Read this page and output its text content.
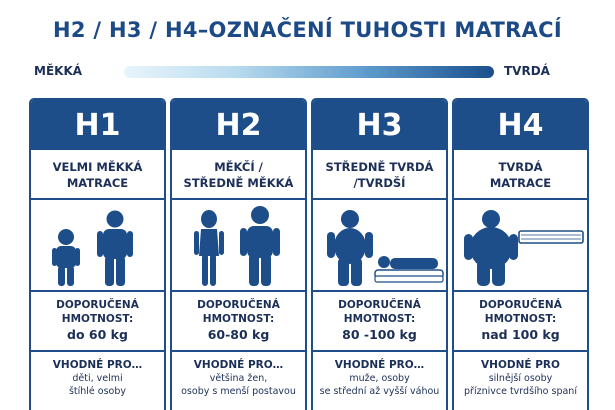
H2 / H3 / H4–OZNAČENÍ TUHOSTI MATRACÍ
MĚKKÁ	TVRDÁ
H1
VELMI MĚKKÁ
MATRACE
DOPORUČENÁ
HMOTNOST:
do 60 kg
VHODNÉ PRO…
děti, velmi
štíhlé osoby
H2
MĚKČÍ /
STŘEDNĚ MĚKKÁ
DOPORUČENÁ
HMOTNOST:
60-80 kg
VHODNÉ PRO…
většina žen,
osoby s menší postavou
H3
STŘEDNĚ TVRDÁ
/TVRDŠÍ
DOPORUČENÁ
HMOTNOST:
80 -100 kg
VHODNÉ PRO…
muže, osoby
se střední až vyšší váhou
H4
TVRDÁ
MATRACE
DOPORUČENÁ
HMOTNOST:
nad 100 kg
VHODNÉ PRO
silnější osoby
příznivce tvrdšího spaní
